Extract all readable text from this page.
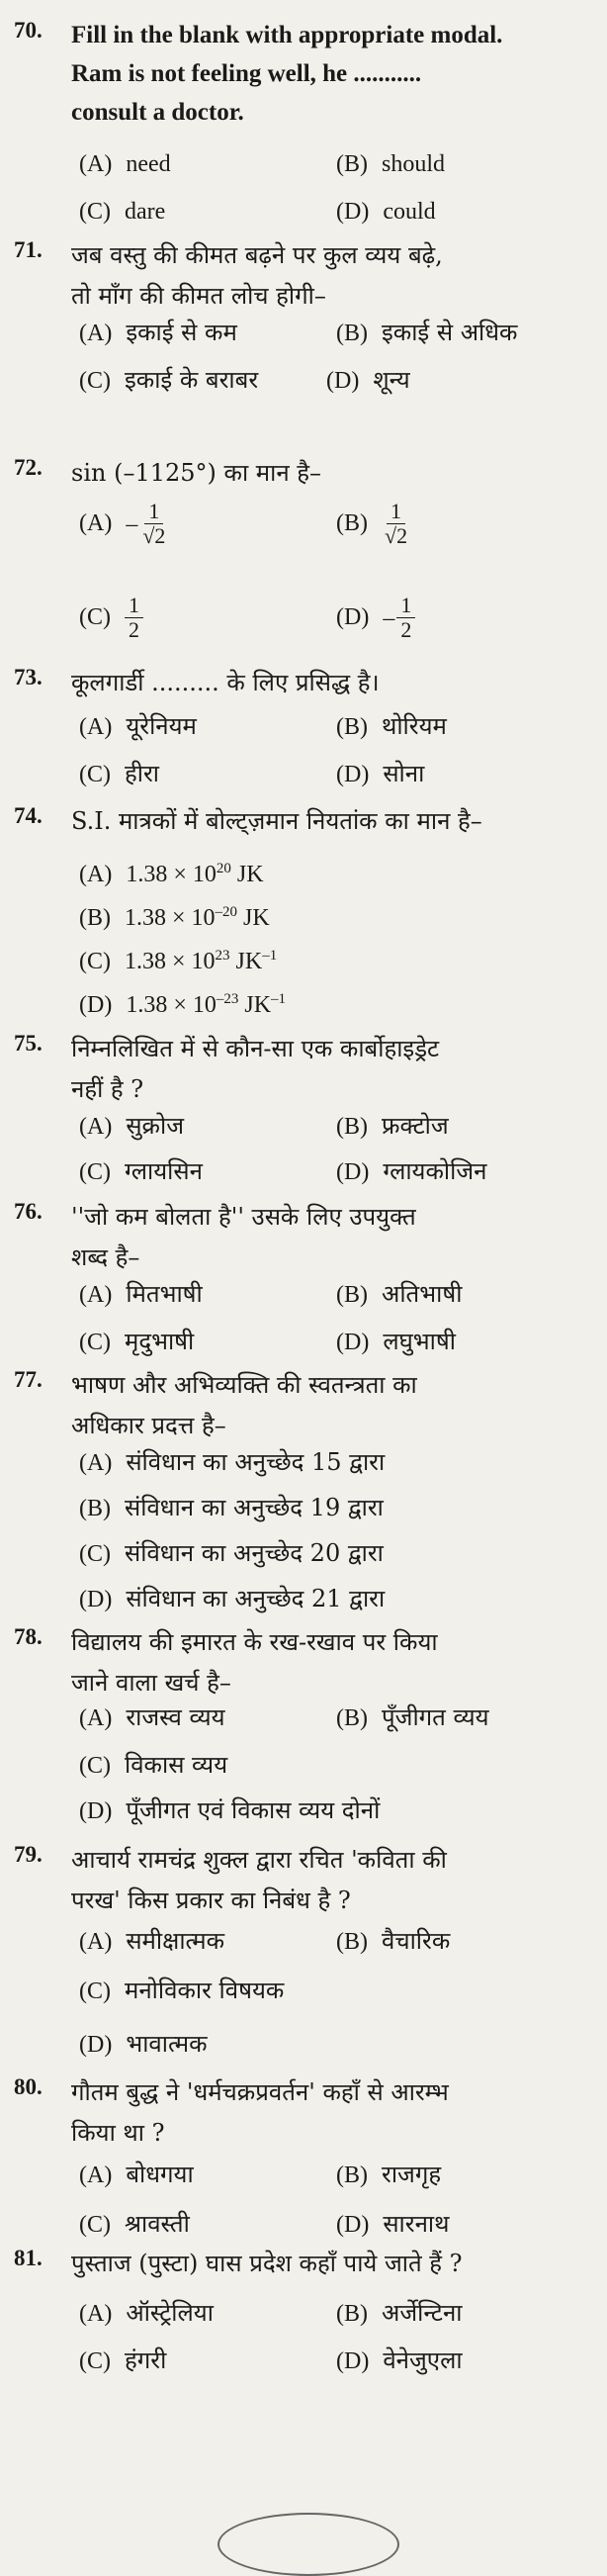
70. Fill in the blank with appropriate modal.
Ram is not feeling well, he ...........
consult a doctor.
(A) need	(B) should
(C) dare	(D) could
71. जब वस्तु की कीमत बढ़ने पर कुल व्यय बढ़े,
तो माँग की कीमत लोच होगी–
(A) इकाई से कम	(B) इकाई से अधिक
(C) इकाई के बराबर	(D) शून्य
72. sin (–1125°) का मान है–
$(A) - \frac{1}{√2}$	$(B) \frac{1}{√2}$
$(C) \frac{1}{2}$	$(D) - \frac{1}{2}$
73. कूलगार्डी ......... के लिए प्रसिद्ध है।
(A) यूरेनियम	(B) थोरियम
(C) हीरा	(D) सोना
74. S.I. मात्रकों में बोल्ट्ज़मान नियतांक का मान है–
(A) $1.38 \times 10^{20}$ JK
(B) $1.38 \times 10^{-20}$ JK
(C) $1.38 \times 10^{23}$ $JK^{-1}$
(D) $1.38 \times 10^{-23}$ $JK^{-1}$
75. निम्नलिखित में से कौन-सा एक कार्बोहाइड्रेट
नहीं है ?
(A) सुक्रोज	(B) फ्रक्टोज
(C) ग्लायसिन	(D) ग्लायकोजिन
76. ''जो कम बोलता है'' उसके लिए उपयुक्त
शब्द है–
(A) मितभाषी	(B) अतिभाषी
(C) मृदुभाषी	(D) लघुभाषी
77. भाषण और अभिव्यक्ति की स्वतन्त्रता का
अधिकार प्रदत्त है–
(A) संविधान का अनुच्छेद 15 द्वारा
(B) संविधान का अनुच्छेद 19 द्वारा
(C) संविधान का अनुच्छेद 20 द्वारा
(D) संविधान का अनुच्छेद 21 द्वारा
78. विद्यालय की इमारत के रख-रखाव पर किया
जाने वाला खर्च है–
(A) राजस्व व्यय	(B) पूँजीगत व्यय
(C) विकास व्यय
(D) पूँजीगत एवं विकास व्यय दोनों
79. आचार्य रामचंद्र शुक्ल द्वारा रचित 'कविता की
परख' किस प्रकार का निबंध है ?
(A) समीक्षात्मक	(B) वैचारिक
(C) मनोविकार विषयक
(D) भावात्मक
80. गौतम बुद्ध ने 'धर्मचक्रप्रवर्तन' कहाँ से आरम्भ
किया था ?
(A) बोधगया	(B) राजगृह
(C) श्रावस्ती	(D) सारनाथ
81. पुस्ताज (पुस्टा) घास प्रदेश कहाँ पाये जाते हैं ?
(A) ऑस्ट्रेलिया	(B) अर्जेन्टिना
(C) हंगरी	(D) वेनेजुएला
